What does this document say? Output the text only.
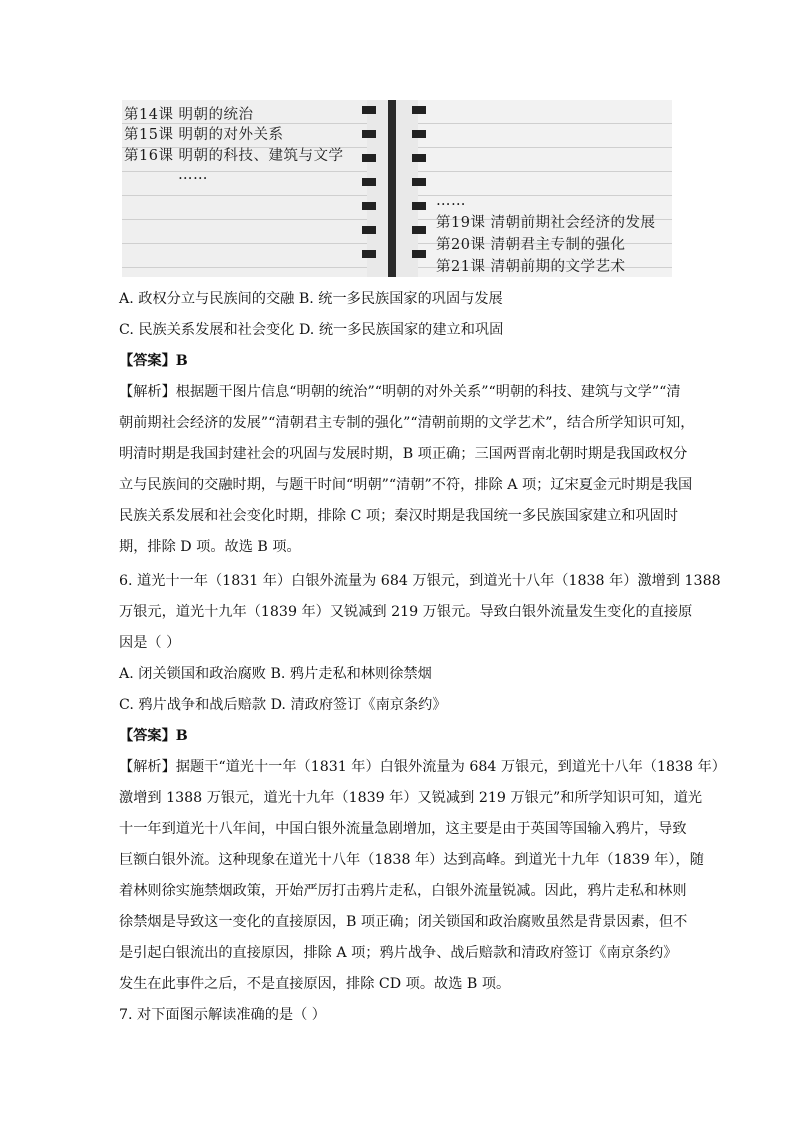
第14课 明朝的统治
第15课 明朝的对外关系
第16课 明朝的科技、建筑与文学
……
……
第19课 清朝前期社会经济的发展
第20课 清朝君主专制的强化
第21课 清朝前期的文学艺术
A. 政权分立与民族间的交融 B. 统一多民族国家的巩固与发展
C. 民族关系发展和社会变化 D. 统一多民族国家的建立和巩固
【答案】B
【解析】根据题干图片信息“明朝的统治”“明朝的对外关系”“明朝的科技、建筑与文学”“清
朝前期社会经济的发展”“清朝君主专制的强化”“清朝前期的文学艺术”，结合所学知识可知，
明清时期是我国封建社会的巩固与发展时期，B 项正确；三国两晋南北朝时期是我国政权分
立与民族间的交融时期，与题干时间“明朝”“清朝”不符，排除 A 项；辽宋夏金元时期是我国
民族关系发展和社会变化时期，排除 C 项；秦汉时期是我国统一多民族国家建立和巩固时
期，排除 D 项。故选 B 项。
6. 道光十一年（1831 年）白银外流量为 684 万银元，到道光十八年（1838 年）激增到 1388
万银元，道光十九年（1839 年）又锐减到 219 万银元。导致白银外流量发生变化的直接原
因是（ ）
A. 闭关锁国和政治腐败 B. 鸦片走私和林则徐禁烟
C. 鸦片战争和战后赔款 D. 清政府签订《南京条约》
【答案】B
【解析】据题干“道光十一年（1831 年）白银外流量为 684 万银元，到道光十八年（1838 年）
激增到 1388 万银元，道光十九年（1839 年）又锐减到 219 万银元”和所学知识可知，道光
十一年到道光十八年间，中国白银外流量急剧增加，这主要是由于英国等国输入鸦片，导致
巨额白银外流。这种现象在道光十八年（1838 年）达到高峰。到道光十九年（1839 年），随
着林则徐实施禁烟政策，开始严厉打击鸦片走私，白银外流量锐减。因此，鸦片走私和林则
徐禁烟是导致这一变化的直接原因，B 项正确；闭关锁国和政治腐败虽然是背景因素，但不
是引起白银流出的直接原因，排除 A 项；鸦片战争、战后赔款和清政府签订《南京条约》
发生在此事件之后，不是直接原因，排除 CD 项。故选 B 项。
7. 对下面图示解读准确的是（ ）
